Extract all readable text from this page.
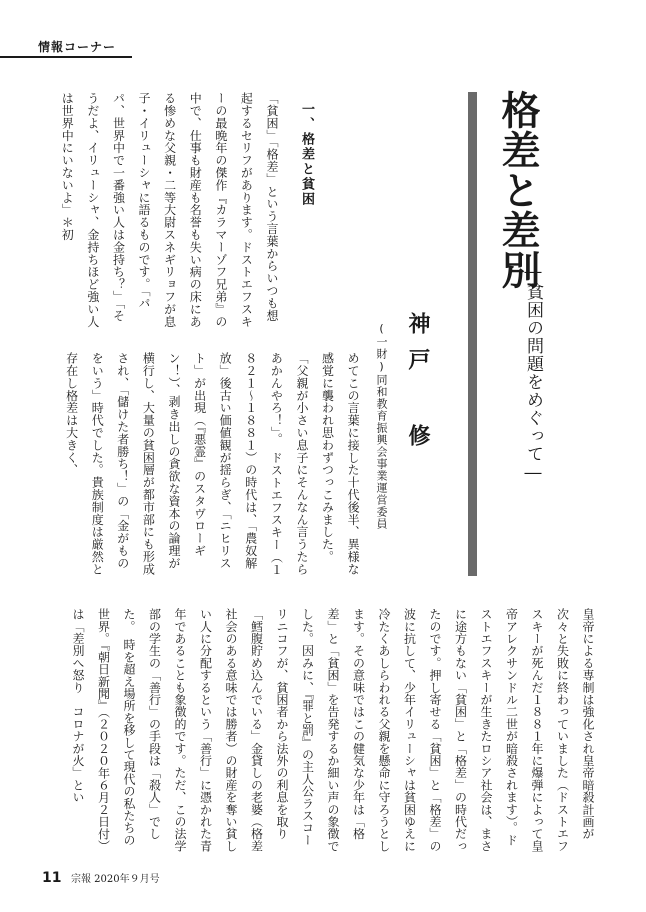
情報コーナー
皇帝による専制は強化され皇帝暗殺計画が次々と失敗に終わっていました（ドストエフスキーが死んだ１８８１年に爆弾によって皇帝アレクサンドル二世が暗殺されます）。ドストエフスキーが生きたロシア社会は、まさに途方もない「貧困」と「格差」の時代だったのです。押し寄せる「貧困」と「格差」の波に抗して、少年イリューシャは貧困ゆえに冷たくあしらわれる父親を懸命に守ろうとします。その意味ではこの健気な少年は「格差」と「貧困」を告発するか細い声の象徴でした。因みに、『罪と罰』の主人公ラスコーリニコフが、貧困者から法外の利息を取り「鱈腹貯め込んでいる」金貸しの老婆（格差社会のある意味では勝者）の財産を奪い貧しい人に分配するという「善行」に憑かれた青年であることも象徴的です。ただ、この法学部の学生の「善行」の手段は「殺人」でした。　時を超え場所を移して現代の私たちの世界。『朝日新聞』（２０２０年６月２日付）は「差別へ怒り　コロナが火」とい
格差と差別
―貧困の問題をめぐって―
神戸 修
(一財)同和教育振興会事業運営委員
一、格差と貧困
「貧困」「格差」という言葉からいつも想起するセリフがあります。ドストエフスキーの最晩年の傑作『カラマーゾフ兄弟』の中で、仕事も財産も名誉も失い病の床にある惨めな父親・二等大尉スネギリョフが息子・イリューシャに語るものです。「パパ、世界中で一番強い人は金持ち？」「そうだよ、イリューシャ、金持ちほど強い人は世界中にいないよ」＊初
めてこの言葉に接した十代後半、異様な感覚に襲われ思わずつっこみました。「父親が小さい息子にそんなん言うたらあかんやろ！」。　ドストエフスキー（１８２１〜１８８１）の時代は、「農奴解放」後古い価値観が揺らぎ、「ニヒリスト」が出現（『悪霊』のスタヴローギン！）、剥き出しの貪欲な資本の論理が横行し、大量の貧困層が都市部にも形成され、「儲けた者勝ち！」の「金がものをいう」時代でした。貴族制度は厳然と存在し格差は大きく、
11 宗報 2020年９月号
